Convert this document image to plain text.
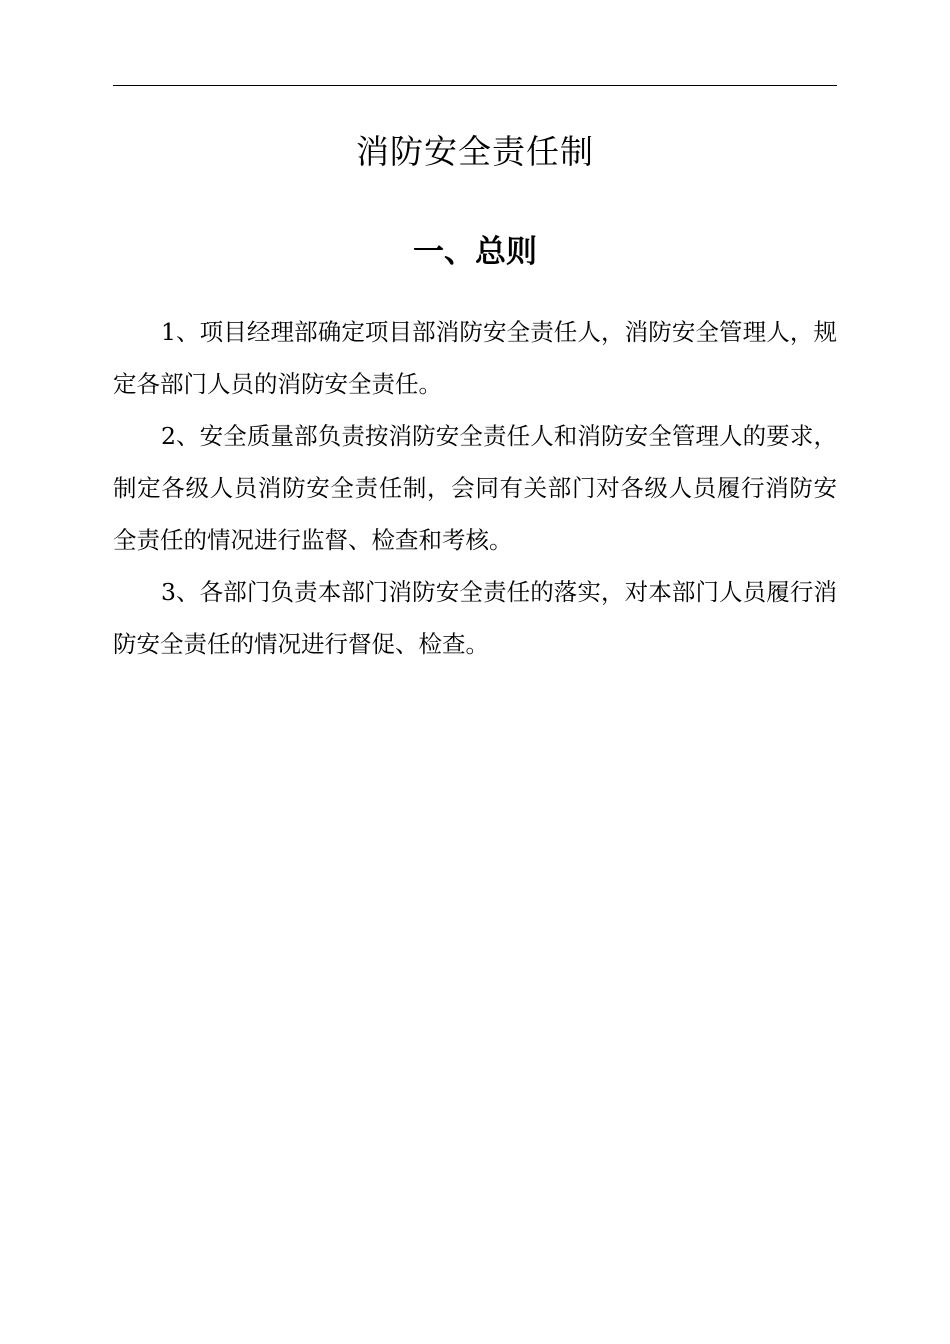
消防安全责任制
一、总则

1、项目经理部确定项目部消防安全责任人，消防安全管理人，规定各部门人员的消防安全责任。

2、安全质量部负责按消防安全责任人和消防安全管理人的要求，制定各级人员消防安全责任制，会同有关部门对各级人员履行消防安全责任的情况进行监督、检查和考核。

3、各部门负责本部门消防安全责任的落实，对本部门人员履行消防安全责任的情况进行督促、检查。
